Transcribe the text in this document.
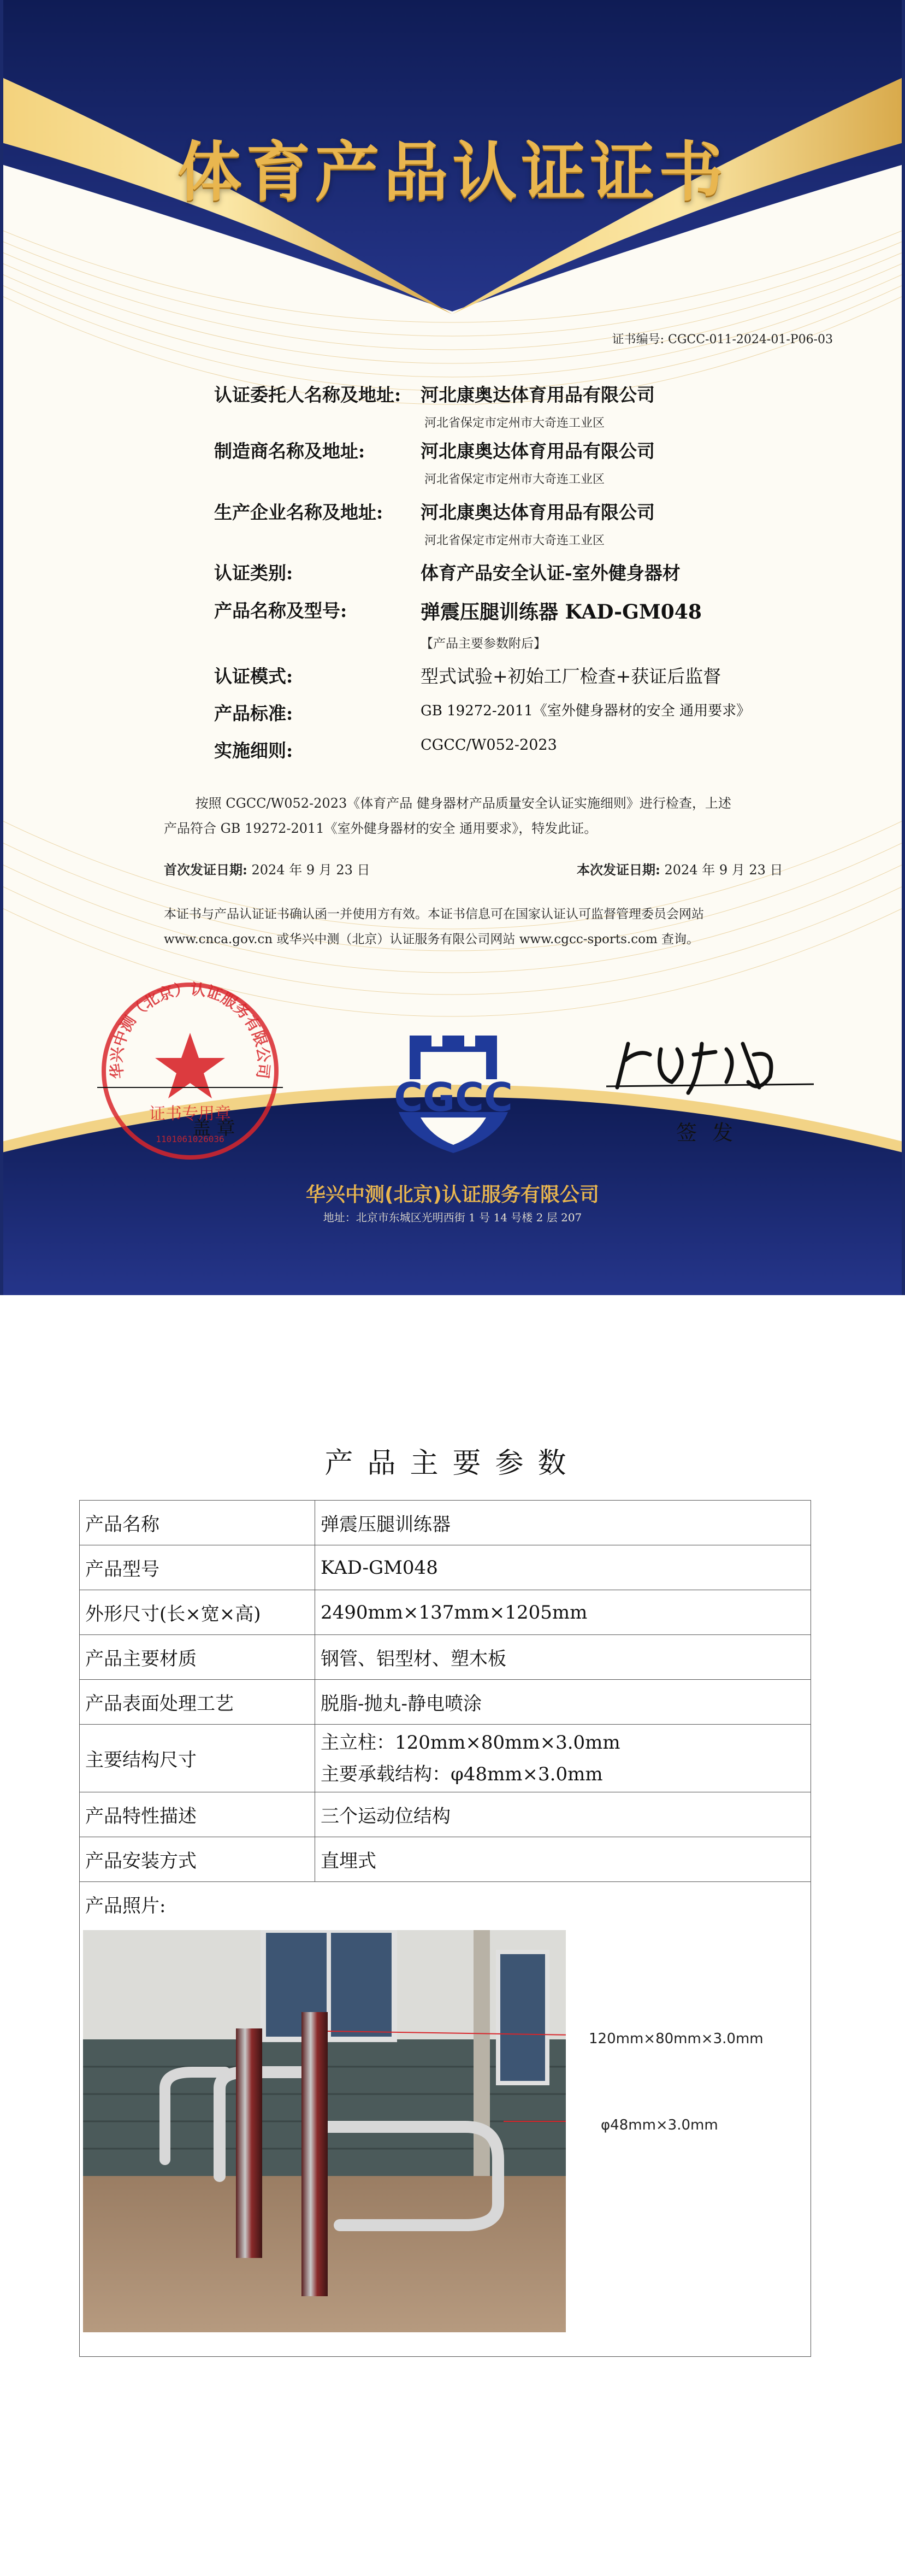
体育产品认证证书
证书编号: CGCC-011-2024-01-P06-03
认证委托人名称及地址: 河北康奥达体育用品有限公司
河北省保定市定州市大奇连工业区
制造商名称及地址:	河北康奥达体育用品有限公司
河北省保定市定州市大奇连工业区
生产企业名称及地址: 河北康奥达体育用品有限公司
河北省保定市定州市大奇连工业区
认证类别:	体育产品安全认证-室外健身器材
产品名称及型号:	弹震压腿训练器 KAD-GM048
【产品主要参数附后】
认证模式:	型式试验+初始工厂检查+获证后监督
产品标准:	GB 19272-2011《室外健身器材的安全 通用要求》
实施细则:	CGCC/W052-2023
按照 CGCC/W052-2023《体育产品 健身器材产品质量安全认证实施细则》进行检查，上述产品符合 GB 19272-2011《室外健身器材的安全 通用要求》，特发此证。
首次发证日期: 2024 年 9 月 23 日	本次发证日期: 2024 年 9 月 23 日
本证书与产品认证证书确认函一并使用方有效。本证书信息可在国家认证认可监督管理委员会网站 www.cnca.gov.cn 或华兴中测（北京）认证服务有限公司网站 www.cgcc-sports.com 查询。
华兴中测（北京）认证服务有限公司
证书专用章
1101061026036
盖 章
CGCC
签 发
华兴中测(北京)认证服务有限公司
地址：北京市东城区光明西街 1 号 14 号楼 2 层 207
产品主要参数
产品名称	弹震压腿训练器
产品型号	KAD-GM048
外形尺寸(长×宽×高)	2490mm×137mm×1205mm
产品主要材质	钢管、铝型材、塑木板
产品表面处理工艺	脱脂-抛丸-静电喷涂
主要结构尺寸	主立柱：120mm×80mm×3.0mm
主要承载结构：φ48mm×3.0mm

产品特性描述	三个运动位结构
产品安装方式	直埋式

产品照片:	
120mm×80mm×3.0mm
φ48mm×3.0mm
